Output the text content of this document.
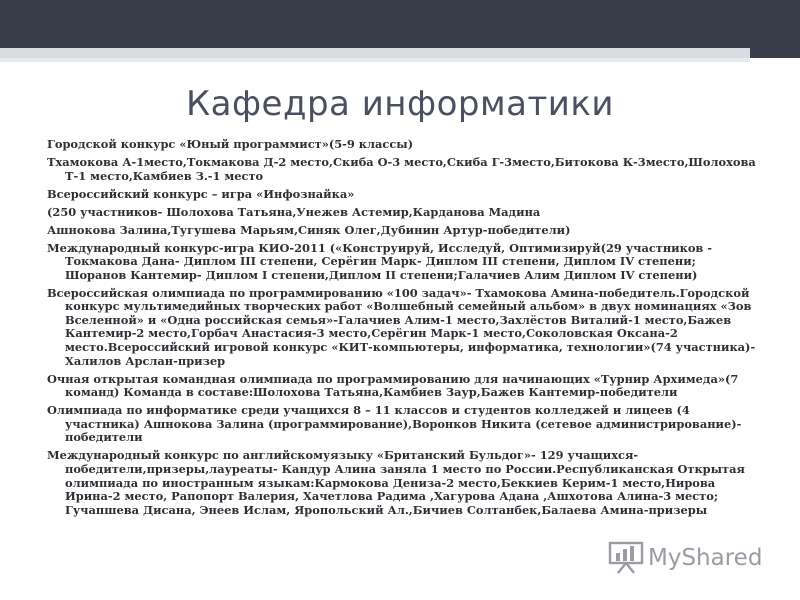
Кафедра информатики

Городской конкурс «Юный программист»(5-9 классы)

Тхамокова А-1место,Токмакова Д-2 место,Скиба О-3 место,Скиба Г-3место,Битокова К-3место,Шолохова Т-1 место,Камбиев З.-1 место

Всероссийский конкурс – игра «Инфознайка»

(250 участников- Шолохова Татьяна,Унежев Астемир,Карданова Мадина

Ашнокова Залина,Тугушева Марьям,Синяк Олег,Дубинин Артур-победители)

Международный конкурс-игра КИО-2011 («Конструируй, Исследуй, Оптимизируй(29 участников - Токмакова Дана- Диплом III степени, Серёгин Марк- Диплом III степени, Диплом IV степени; Шоранов Кантемир- Диплом I степени,Диплом II степени;Галачиев Алим Диплом IV степени)

Всероссийская олимпиада по программированию «100 задач»- Тхамокова Амина-победитель.Городской конкурс мультимедийных творческих работ «Волшебный семейный альбом» в двух номинациях «Зов Вселенной» и «Одна российская семья»-Галачиев Алим-1 место,Захлёстов Виталий-1 место,Бажев Кантемир-2 место,Горбач Анастасия-3 место,Серёгин Марк-1 место,Соколовская Оксана-2 место.Всероссийский игровой конкурс «КИТ-компьютеры, информатика, технологии»(74 участника)-Халилов Арслан-призер

Очная открытая командная олимпиада по программированию для начинающих «Турнир Архимеда»(7 команд) Команда в составе:Шолохова Татьяна,Камбиев Заур,Бажев Кантемир-победители

Олимпиада по информатике среди учащихся 8 – 11 классов и студентов колледжей и лицеев (4 участника) Ашнокова Залина (программирование),Воронков Никита (сетевое администрирование)-победители

Международный конкурс по английскомуязыку «Британский Бульдог»- 129 учащихся-победители,призеры,лауреаты- Кандур Алина заняла 1 место по России.Республиканская Открытая олимпиада по иностранным языкам:Кармокова Дениза-2 место,Беккиев Керим-1 место,Нирова Ирина-2 место, Рапопорт Валерия, Хачетлова Радима ,Хагурова Адана ,Ашхотова Алина-3 место; Гучапшева Дисана, Энеев Ислам, Яропольский Ал.,Бичиев Солтанбек,Балаева Амина-призеры

MyShared
